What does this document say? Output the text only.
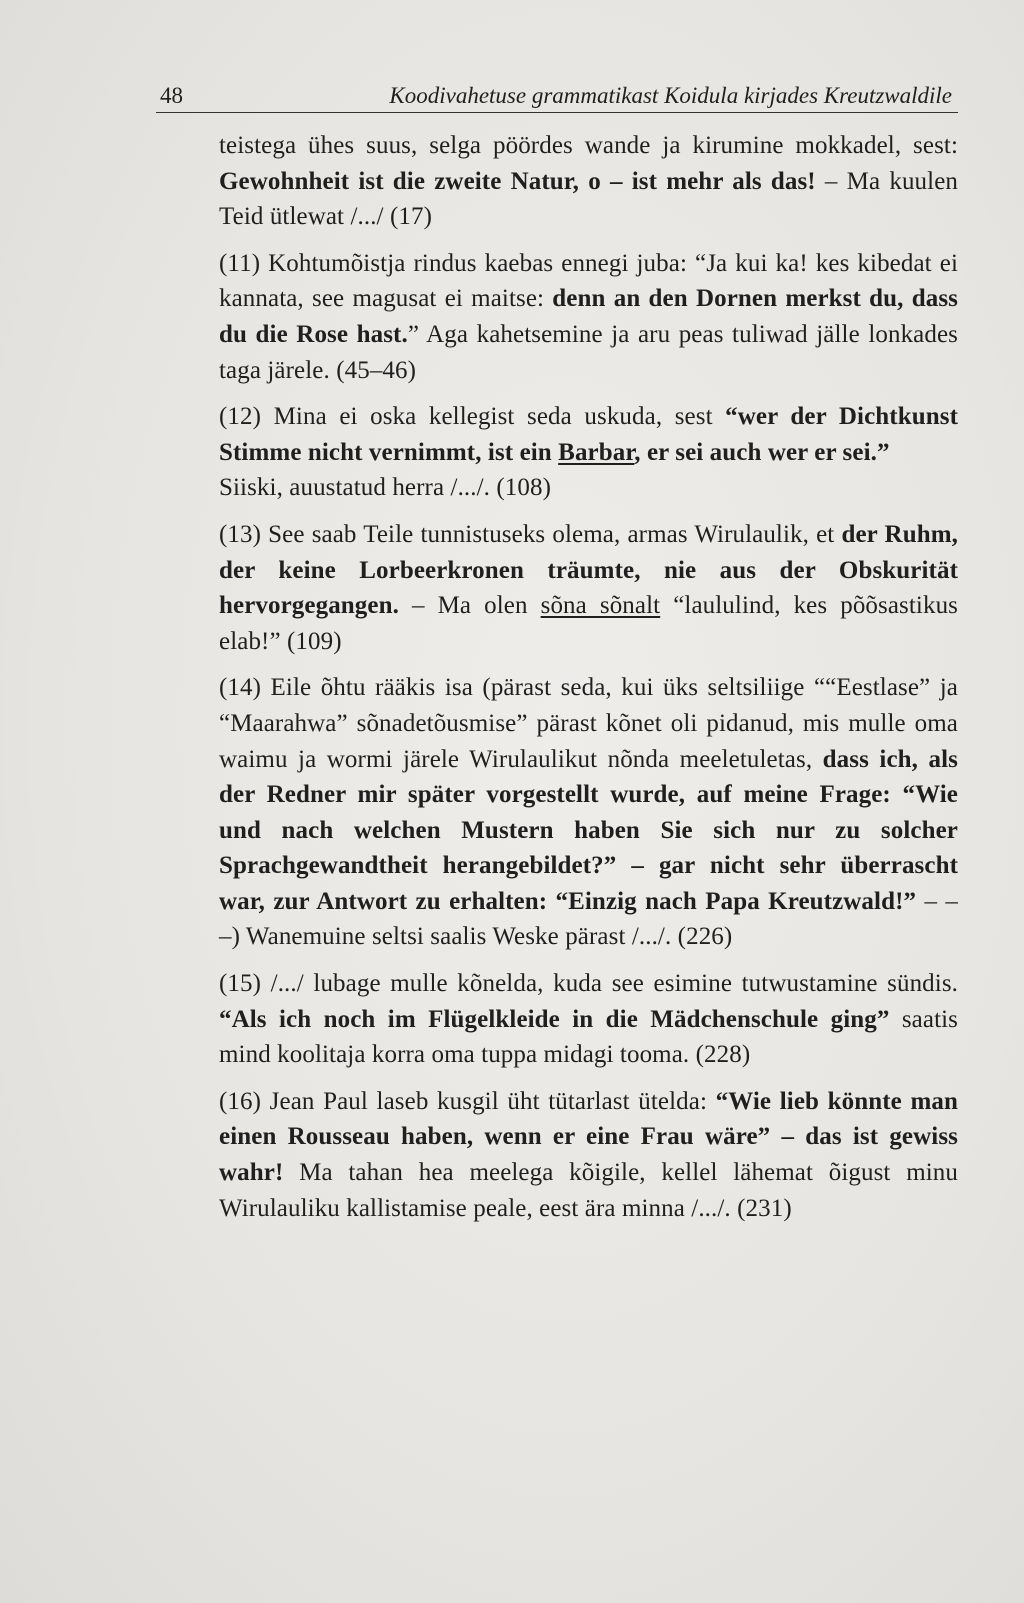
48	Koodivahetuse grammatikast Koidula kirjades Kreutzwaldile

teistega ühes suus, selga pöördes wande ja kirumine mokkadel, sest: Gewohnheit ist die zweite Natur, o – ist mehr als das! – Ma kuulen Teid ütlewat /.../ (17)

(11) Kohtumõistja rindus kaebas ennegi juba: “Ja kui ka! kes kibedat ei kannata, see magusat ei maitse: denn an den Dornen merkst du, dass du die Rose hast.” Aga kahetsemine ja aru peas tuliwad jälle lonkades taga järele. (45–46)

(12) Mina ei oska kellegist seda uskuda, sest “wer der Dichtkunst Stimme nicht vernimmt, ist ein Barbar, er sei auch wer er sei.”

Siiski, auustatud herra /.../. (108)

(13) See saab Teile tunnistuseks olema, armas Wirulaulik, et der Ruhm, der keine Lorbeerkronen träumte, nie aus der Obskurität hervorgegangen. – Ma olen sõna sõnalt “laululind, kes põõsastikus elab!” (109)

(14) Eile õhtu rääkis isa (pärast seda, kui üks seltsiliige ““Eestlase” ja “Maarahwa” sõnadetõusmise” pärast kõnet oli pidanud, mis mulle oma waimu ja wormi järele Wirulaulikut nõnda meeletuletas, dass ich, als der Redner mir später vorgestellt wurde, auf meine Frage: “Wie und nach welchen Mustern haben Sie sich nur zu solcher Sprachgewandtheit herangebildet?” – gar nicht sehr überrascht war, zur Antwort zu erhalten: “Einzig nach Papa Kreutzwald!” – – –) Wanemuine seltsi saalis Weske pärast /.../. (226)

(15) /.../ lubage mulle kõnelda, kuda see esimine tutwustamine sündis. “Als ich noch im Flügelkleide in die Mädchenschule ging” saatis mind koolitaja korra oma tuppa midagi tooma. (228)

(16) Jean Paul laseb kusgil üht tütarlast ütelda: “Wie lieb könnte man einen Rousseau haben, wenn er eine Frau wäre” – das ist gewiss wahr! Ma tahan hea meelega kõigile, kellel lähemat õigust minu Wirulauliku kallistamise peale, eest ära minna /.../. (231)
